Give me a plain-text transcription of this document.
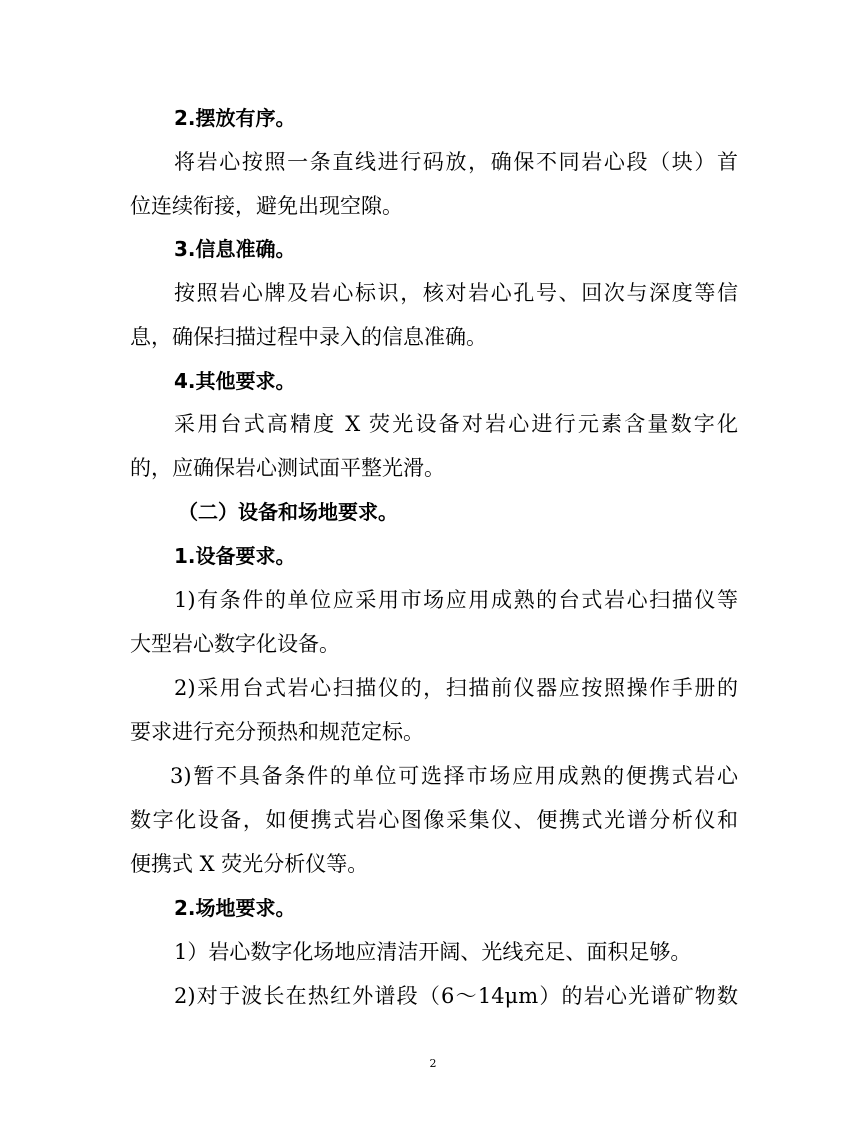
2.摆放有序。
将岩心按照一条直线进行码放，确保不同岩心段（块）首
位连续衔接，避免出现空隙。
3.信息准确。
按照岩心牌及岩心标识，核对岩心孔号、回次与深度等信
息，确保扫描过程中录入的信息准确。
4.其他要求。
采用台式高精度 X 荧光设备对岩心进行元素含量数字化
的，应确保岩心测试面平整光滑。
（二）设备和场地要求。
1.设备要求。
1)有条件的单位应采用市场应用成熟的台式岩心扫描仪等
大型岩心数字化设备。
2)采用台式岩心扫描仪的，扫描前仪器应按照操作手册的
要求进行充分预热和规范定标。
3)暂不具备条件的单位可选择市场应用成熟的便携式岩心
数字化设备，如便携式岩心图像采集仪、便携式光谱分析仪和
便携式 X 荧光分析仪等。
2.场地要求。
1）岩心数字化场地应清洁开阔、光线充足、面积足够。
2)对于波长在热红外谱段（6～14μm）的岩心光谱矿物数
2
